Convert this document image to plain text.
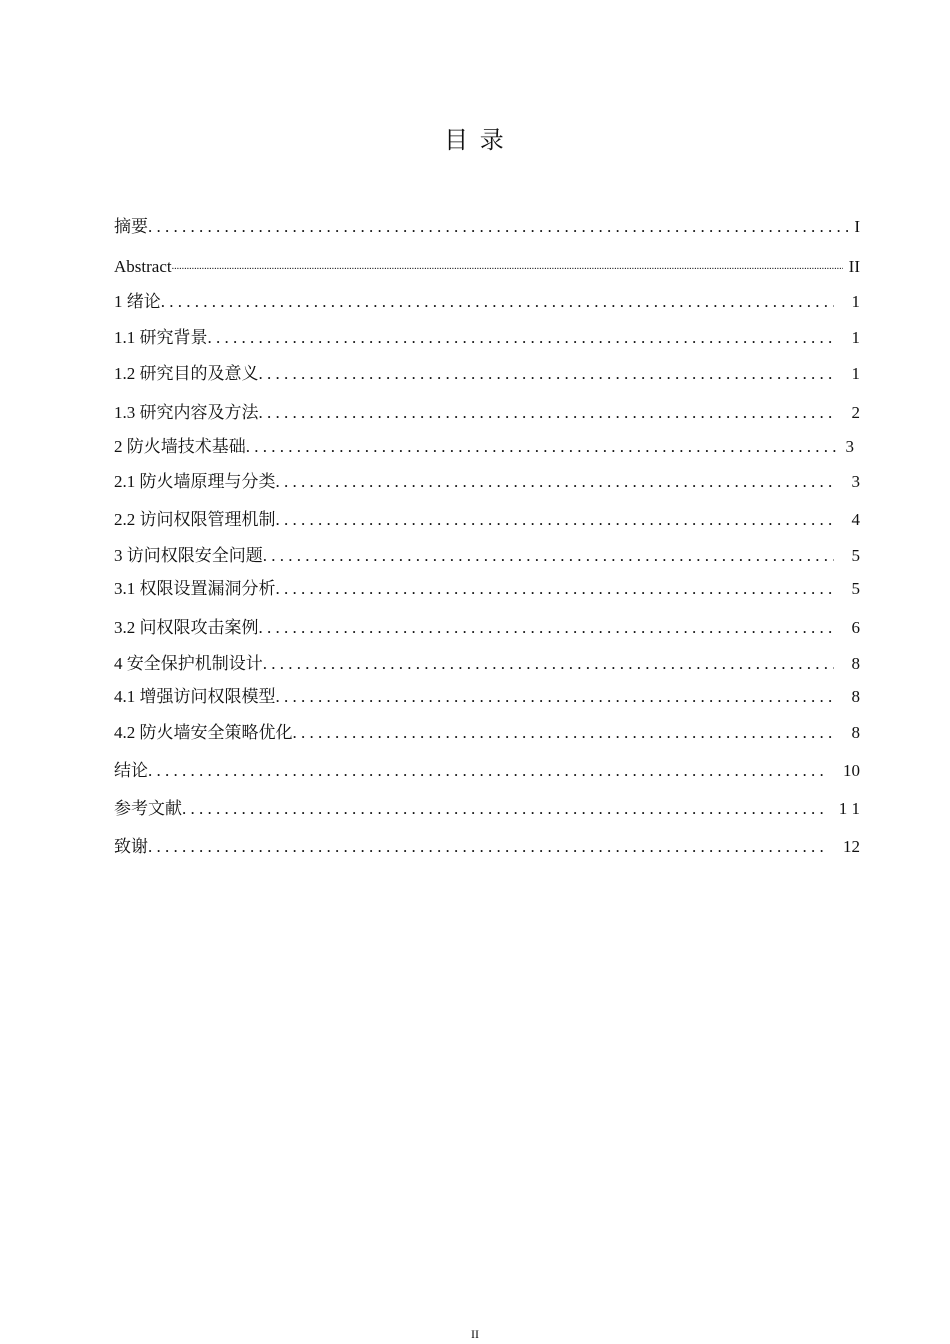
目 录
摘要 . . .	I
Abstract .....	II
1 绪论 . . .	1
1.1 研究背景 . . .	1
1.2 研究目的及意义 . . .	1
1.3 研究内容及方法 . . .	2
2 防火墙技术基础 . . .	3
2.1 防火墙原理与分类 . . .	3
2.2 访问权限管理机制 . . .	4
3 访问权限安全问题 . . .	5
3.1 权限设置漏洞分析 . . .	5
3.2 问权限攻击案例 . . .	6
4 安全保护机制设计 . . .	8
4.1 增强访问权限模型 . . .	8
4.2 防火墙安全策略优化 . . .	8
结论 . . .	10
参考文献 . . .	1 1
致谢 . . .	12
II
